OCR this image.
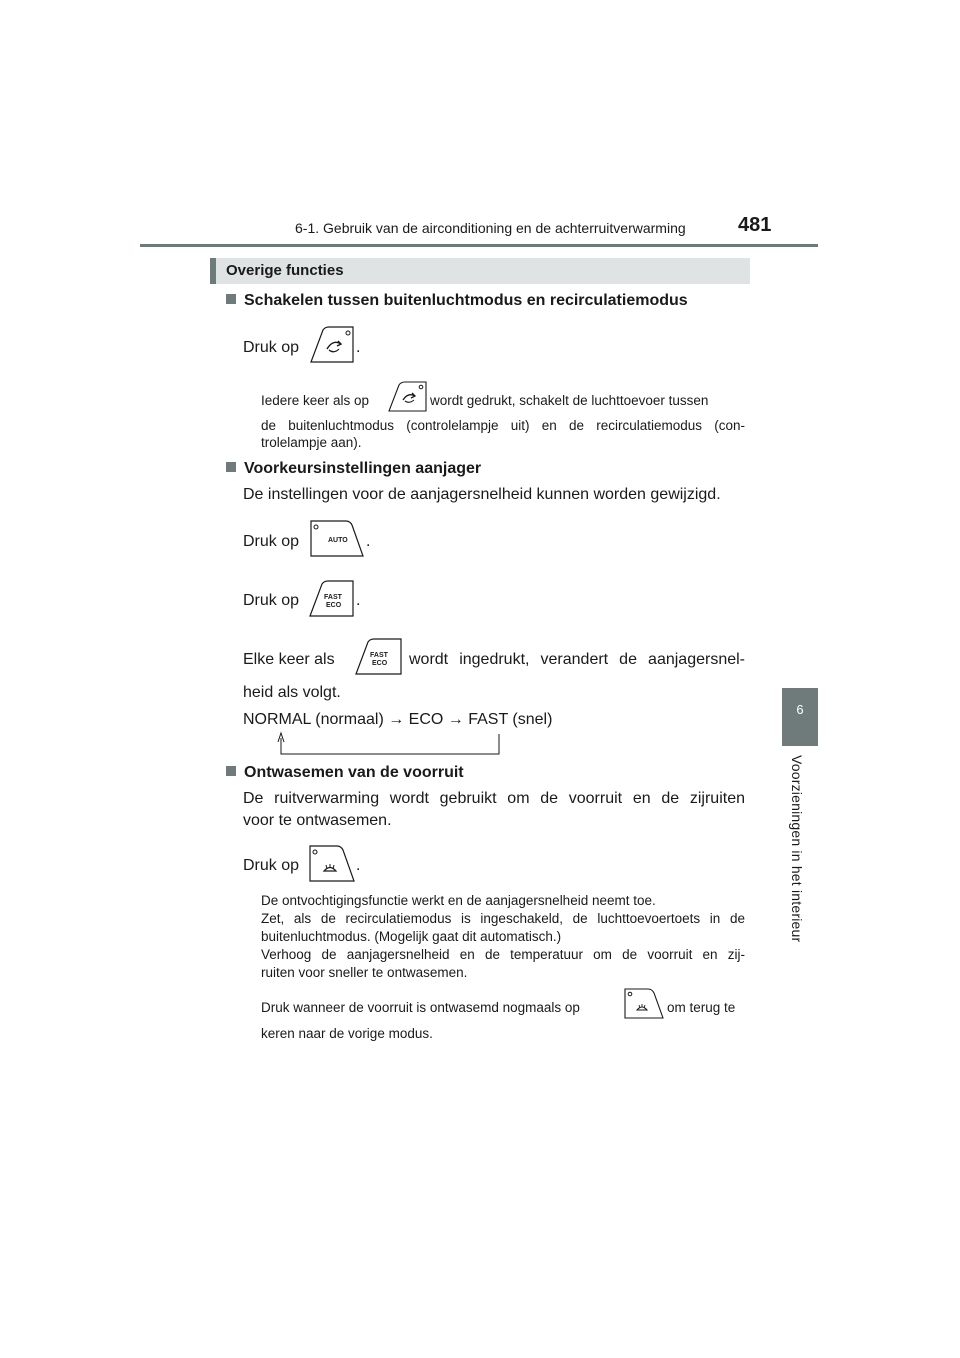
6-1. Gebruik van de airconditioning en de achterruitverwarming	481
6
Voorzieningen in het interieur
Overige functies
Schakelen tussen buitenluchtmodus en recirculatiemodus
Druk op	.
Iedere keer als op	wordt gedrukt, schakelt de luchttoevoer tussen
de buitenluchtmodus (controlelampje uit) en de recirculatiemodus (con-
trolelampje aan).
Voorkeursinstellingen aanjager
De instellingen voor de aanjagersnelheid kunnen worden gewijzigd.
Druk op	AUTO .
Druk op	FAST
ECO .
Elke keer als	FAST
ECO wordt ingedrukt, verandert de aanjagersnel-
heid als volgt.
NORMAL (normaal) → ECO → FAST (snel)
Ontwasemen van de voorruit
De ruitverwarming wordt gebruikt om de voorruit en de zijruiten
voor te ontwasemen.
Druk op	.
De ontvochtigingsfunctie werkt en de aanjagersnelheid neemt toe.
Zet, als de recirculatiemodus is ingeschakeld, de luchttoevoertoets in de
buitenluchtmodus. (Mogelijk gaat dit automatisch.)
Verhoog de aanjagersnelheid en de temperatuur om de voorruit en zij-
ruiten voor sneller te ontwasemen.
Druk wanneer de voorruit is ontwasemd nogmaals op	om terug te
keren naar de vorige modus.
